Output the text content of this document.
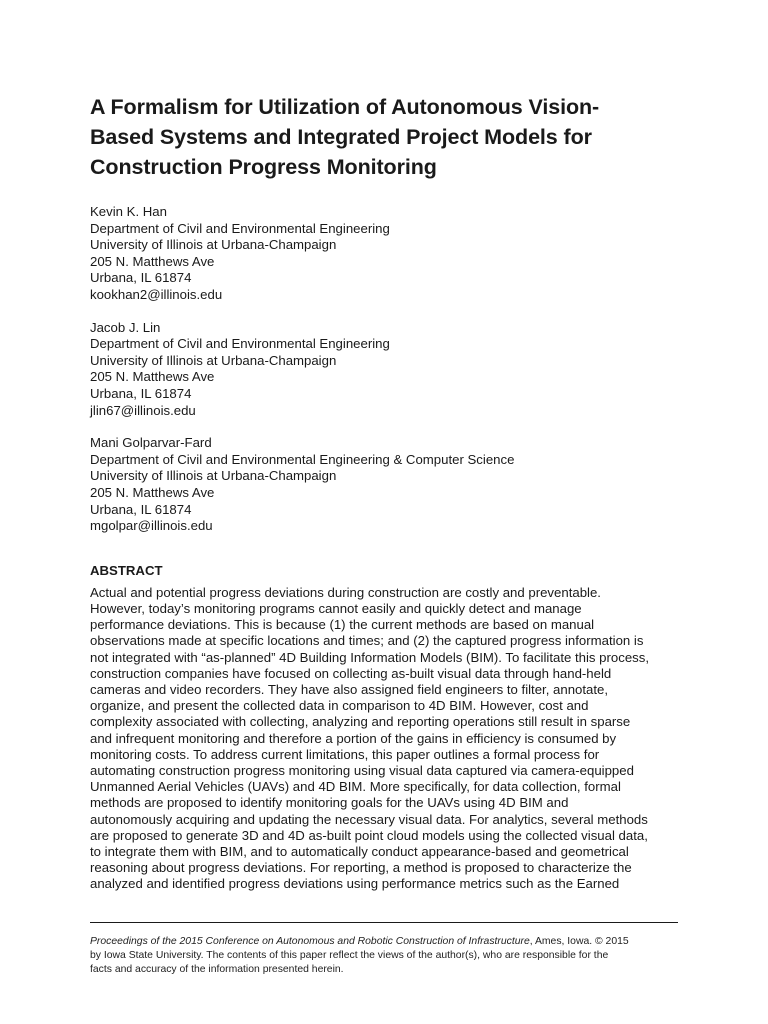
A Formalism for Utilization of Autonomous Vision-
Based Systems and Integrated Project Models for
Construction Progress Monitoring
Kevin K. Han
Department of Civil and Environmental Engineering
University of Illinois at Urbana-Champaign
205 N. Matthews Ave
Urbana, IL 61874
kookhan2@illinois.edu
Jacob J. Lin
Department of Civil and Environmental Engineering
University of Illinois at Urbana-Champaign
205 N. Matthews Ave
Urbana, IL 61874
jlin67@illinois.edu
Mani Golparvar-Fard
Department of Civil and Environmental Engineering & Computer Science
University of Illinois at Urbana-Champaign
205 N. Matthews Ave
Urbana, IL 61874
mgolpar@illinois.edu
ABSTRACT
Actual and potential progress deviations during construction are costly and preventable.
However, today’s monitoring programs cannot easily and quickly detect and manage
performance deviations. This is because (1) the current methods are based on manual
observations made at specific locations and times; and (2) the captured progress information is
not integrated with “as-planned” 4D Building Information Models (BIM). To facilitate this process,
construction companies have focused on collecting as-built visual data through hand-held
cameras and video recorders. They have also assigned field engineers to filter, annotate,
organize, and present the collected data in comparison to 4D BIM. However, cost and
complexity associated with collecting, analyzing and reporting operations still result in sparse
and infrequent monitoring and therefore a portion of the gains in efficiency is consumed by
monitoring costs. To address current limitations, this paper outlines a formal process for
automating construction progress monitoring using visual data captured via camera-equipped
Unmanned Aerial Vehicles (UAVs) and 4D BIM. More specifically, for data collection, formal
methods are proposed to identify monitoring goals for the UAVs using 4D BIM and
autonomously acquiring and updating the necessary visual data. For analytics, several methods
are proposed to generate 3D and 4D as-built point cloud models using the collected visual data,
to integrate them with BIM, and to automatically conduct appearance-based and geometrical
reasoning about progress deviations. For reporting, a method is proposed to characterize the
analyzed and identified progress deviations using performance metrics such as the Earned
Proceedings of the 2015 Conference on Autonomous and Robotic Construction of Infrastructure, Ames, Iowa. © 2015
by Iowa State University. The contents of this paper reflect the views of the author(s), who are responsible for the
facts and accuracy of the information presented herein.
